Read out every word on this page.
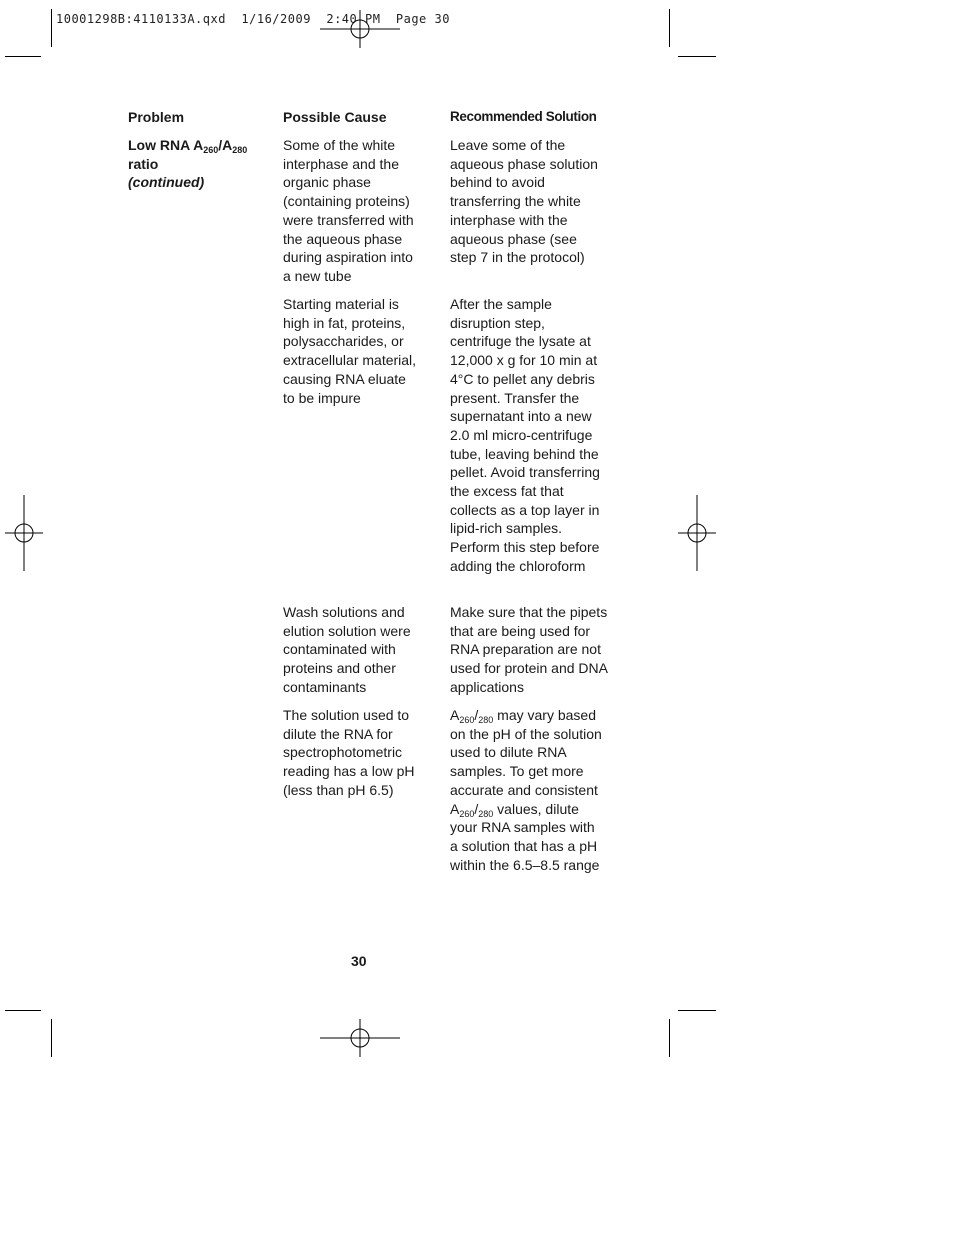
10001298B:4110133A.qxd  1/16/2009  2:40 PM  Page 30
Problem	Possible Cause	Recommended Solution
Low RNA $A_{260}/A_{280}$
ratio
(continued)
Some of the white interphase and the organic phase (containing proteins) were transferred with the aqueous phase during aspiration into a new tube
Leave some of the aqueous phase solution behind to avoid transferring the white interphase with the aqueous phase (see step 7 in the protocol)
Starting material is high in fat, proteins, polysaccharides, or extracellular material, causing RNA eluate to be impure
After the sample disruption step, centrifuge the lysate at 12,000 x g for 10 min at 4°C to pellet any debris present. Transfer the supernatant into a new 2.0 ml micro-centrifuge tube, leaving behind the pellet. Avoid transferring the excess fat that collects as a top layer in lipid-rich samples. Perform this step before adding the chloroform
Wash solutions and elution solution were contaminated with proteins and other contaminants
Make sure that the pipets that are being used for RNA preparation are not used for protein and DNA applications
The solution used to dilute the RNA for spectrophotometric reading has a low pH (less than pH 6.5)
$A_{260}/_{280}$ may vary based on the pH of the solution used to dilute RNA samples. To get more accurate and consistent $A_{260}/_{280}$ values, dilute your RNA samples with a solution that has a pH within the 6.5–8.5 range
30
